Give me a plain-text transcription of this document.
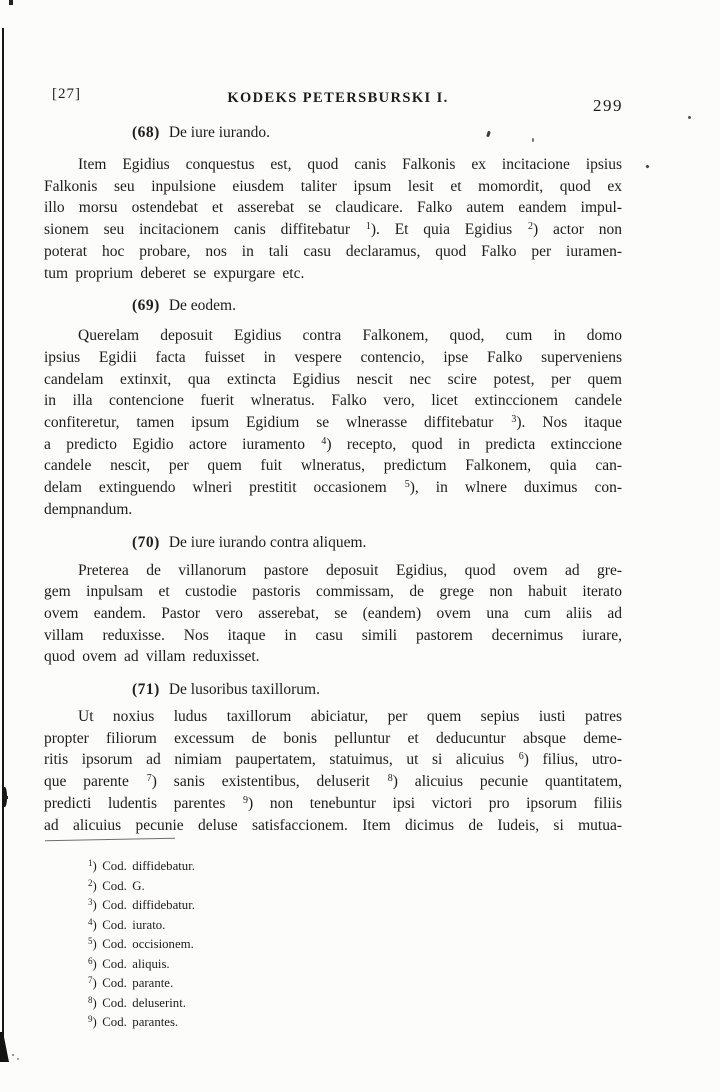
[27]	KODEKS PETERSBURSKI I.	299
(68) De iure iurando.
Item Egidius conquestus est, quod canis Falkonis ex incitacione ipsius
Falkonis seu inpulsione eiusdem taliter ipsum lesit et momordit, quod ex
illo morsu ostendebat et asserebat se claudicare. Falko autem eandem impul-
sionem seu incitacionem canis diffitebatur $^1$). Et quia Egidius $^2$) actor non
poterat hoc probare, nos in tali casu declaramus, quod Falko per iuramen-
tum proprium deberet se expurgare etc.
(69) De eodem.
Querelam deposuit Egidius contra Falkonem, quod, cum in domo
ipsius Egidii facta fuisset in vespere contencio, ipse Falko superveniens
candelam extinxit, qua extincta Egidius nescit nec scire potest, per quem
in illa contencione fuerit wlneratus. Falko vero, licet extinccionem candele
confiteretur, tamen ipsum Egidium se wlnerasse diffitebatur $^3$). Nos itaque
a predicto Egidio actore iuramento $^4$) recepto, quod in predicta extinccione
candele nescit, per quem fuit wlneratus, predictum Falkonem, quia can-
delam extinguendo wlneri prestitit occasionem $^5$), in wlnere duximus con-
dempnandum.
(70) De iure iurando contra aliquem.
Preterea de villanorum pastore deposuit Egidius, quod ovem ad gre-
gem inpulsam et custodie pastoris commissam, de grege non habuit iterato
ovem eandem. Pastor vero asserebat, se (eandem) ovem una cum aliis ad
villam reduxisse. Nos itaque in casu simili pastorem decernimus iurare,
quod ovem ad villam reduxisset.
(71) De lusoribus taxillorum.
Ut noxius ludus taxillorum abiciatur, per quem sepius iusti patres
propter filiorum excessum de bonis pelluntur et deducuntur absque deme-
ritis ipsorum ad nimiam paupertatem, statuimus, ut si alicuius $^6$) filius, utro-
que parente $^7$) sanis existentibus, deluserit $^8$) alicuius pecunie quantitatem,
predicti ludentis parentes $^9$) non tenebuntur ipsi victori pro ipsorum filiis
ad alicuius pecunie deluse satisfaccionem. Item dicimus de Iudeis, si mutua-
$^1$) Cod. diffidebatur.
$^2$) Cod. G.
$^3$) Cod. diffidebatur.
$^4$) Cod. iurato.
$^5$) Cod. occisionem.
$^6$) Cod. aliquis.
$^7$) Cod. parante.
$^8$) Cod. deluserint.
$^9$) Cod. parantes.
